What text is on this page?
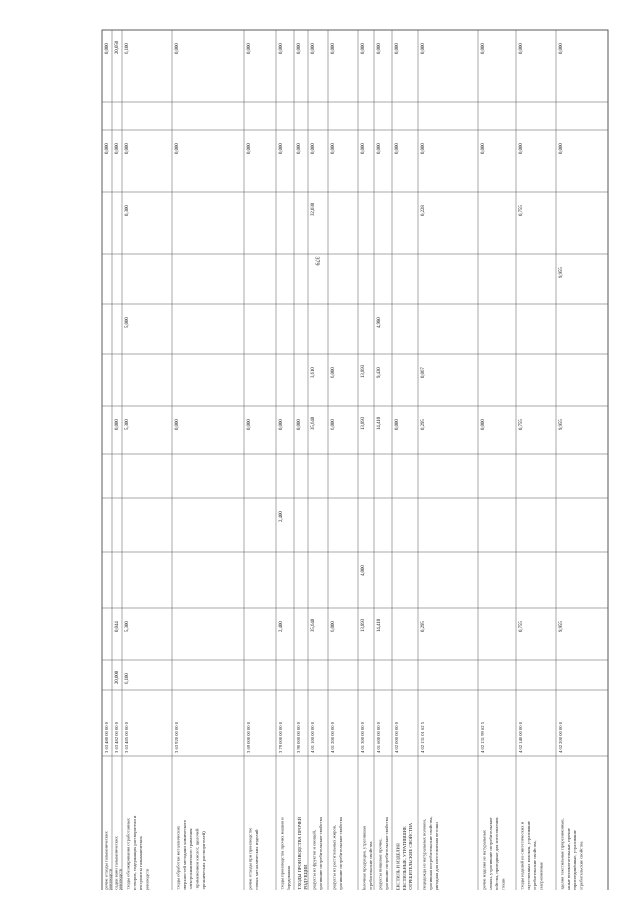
379
Прочие отходы гальванических производств
3 63 480 00 00 0
0,000
0,000
Осадки ванн гальванических производств
3 63 482 00 00 0
20,000
0,044
0,000
0,000
20,050
Отходы обезжиривания отработанных растворов, содержащих растворители и электролиты гальванических производств
3 63 485 00 00 0
6,100
5,300
5,300
5,000
0,300
0,000
6,100
Отходы обработки металлических поверхностей методами химического и электрохимического травления (с применением кислот, щелочей и органических растворителей)
3 63 920 00 00 0
0,000
0,000
0,000
Прочие отходы при производстве готовых металлических изделий
3 69 000 00 00 0
0,000
0,000
0,000
Отходы производства прочих машин и оборудования
3 79 000 00 00 0
2,400
2,400
0,000
0,000
0,000
ОТХОДЫ ПРОИЗВОДСТВА ПРОЧЕЙ ПРОДУКЦИИ
3 90 000 00 00 0
0,000
0,000
0,000
Продукты из фруктов и овощей, утратившие потребительские свойства
4 01 100 00 00 0
35,640
35,640
3,610
32,030
0,000
0,000
Продукты из растительных жиров, утратившие потребительские свойства
4 01 200 00 00 0
6,000
6,000
6,000
0,000
0,000
Молочная продукция, утратившая потребительские свойства
4 01 300 00 00 0
13,893
4,000
13,893
13,893
0,000
0,000
Продукты пищевые прочие, утратившие потребительские свойства
4 01 600 00 00 0
14,410
14,410
9,430
4,980
0,000
0,000
ТЕКСТИЛЬ И ИЗДЕЛИЯ ТЕКСТИЛЬНЫЕ, УТРАТИВШИЕ ПОТРЕБИТЕЛЬСКИЕ СВОЙСТВА
4 02 000 00 00 0
0,000
0,000
0,000
Спецодежда из натуральных волокон, утратившая потребительские свойства, пригодная для изготовления ветоши
4 02 131 01 62 5
0,295
0,295
0,067
0,228
0,000
0,000
Прочие изделия из натуральных волокон, утратившие потребительские свойства, пригодные для изготовления ветоши
4 02 131 99 62 5
0,000
0,000
0,000
Отходы изделий из синтетических и искусственных волокон, утратившие потребительские свойства, незагрязненные
4 02 140 00 00 0
0,755
0,755
0,755
0,000
0,000
Изделия текстильные прорезиненные, тканые вспомогательные, прочие неприсоединённые, утратившие потребительские свойства
4 02 200 00 00 0
9,955
9,955
9,955
0,000
0,000
